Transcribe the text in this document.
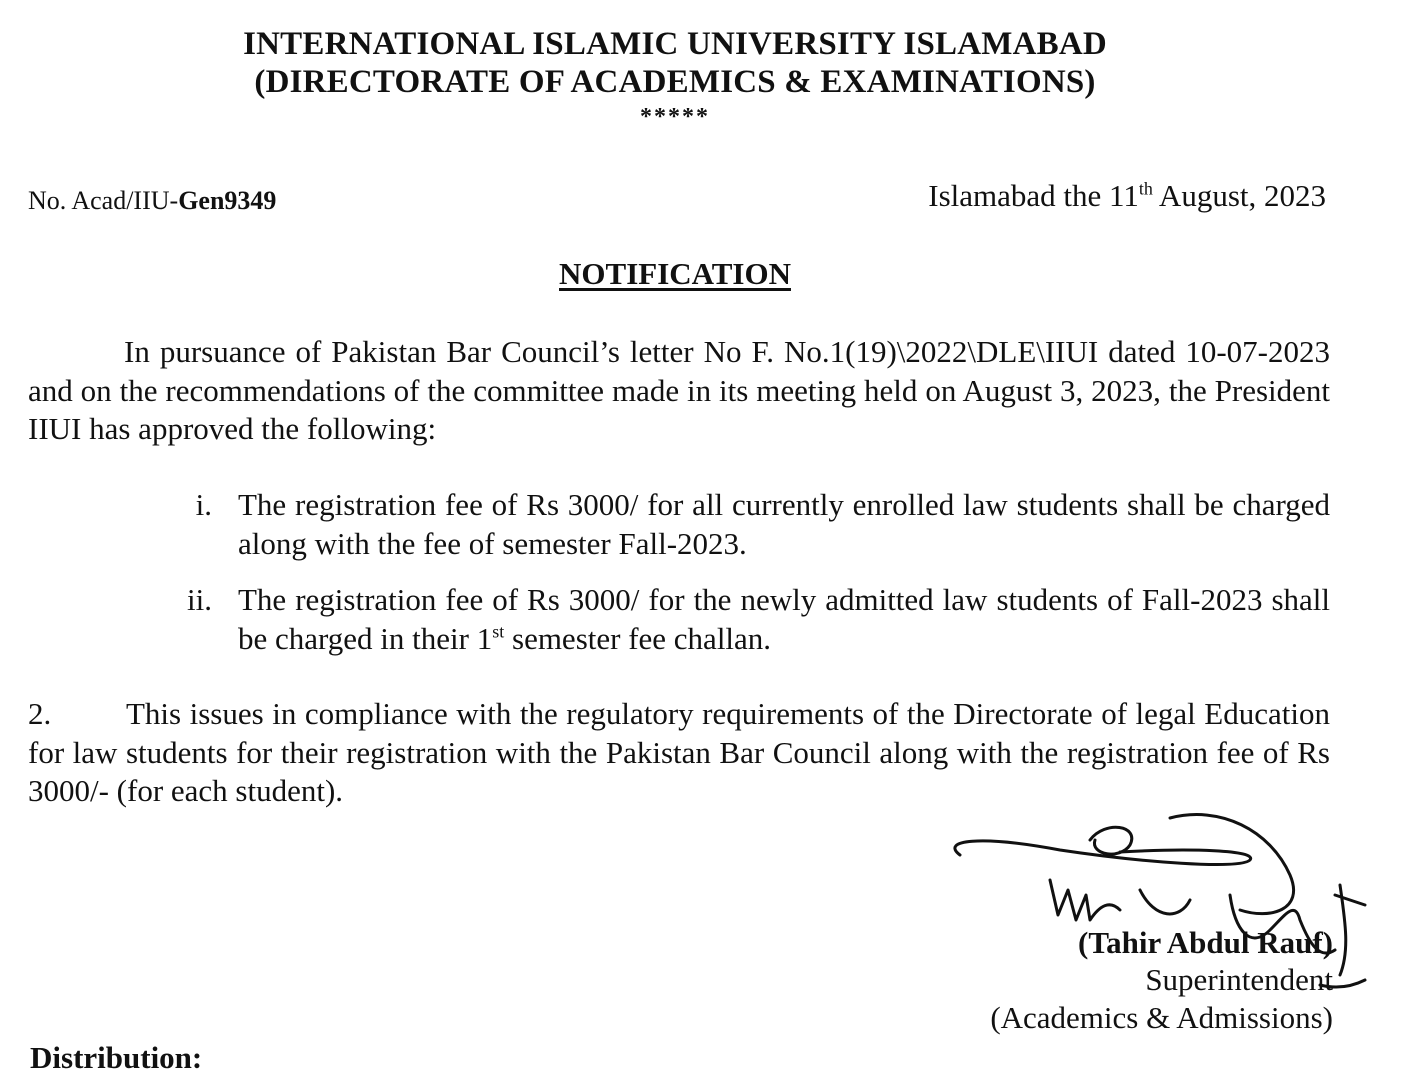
INTERNATIONAL ISLAMIC UNIVERSITY ISLAMABAD
(DIRECTORATE OF ACADEMICS & EXAMINATIONS)
*****
No. Acad/IIU-Gen9349	Islamabad the 11th August, 2023
NOTIFICATION
In pursuance of Pakistan Bar Council’s letter No F. No.1(19)\2022\DLE\IIUI dated 10-07-2023 and on the recommendations of the committee made in its meeting held on August 3, 2023, the President IIUI has approved the following:
i. The registration fee of Rs 3000/ for all currently enrolled law students shall be charged along with the fee of semester Fall-2023.
ii. The registration fee of Rs 3000/ for the newly admitted law students of Fall-2023 shall be charged in their 1st semester fee challan.
2. This issues in compliance with the regulatory requirements of the Directorate of legal Education for law students for their registration with the Pakistan Bar Council along with the registration fee of Rs 3000/- (for each student).
(Tahir Abdul Rauf)
Superintendent
(Academics & Admissions)
Distribution:
